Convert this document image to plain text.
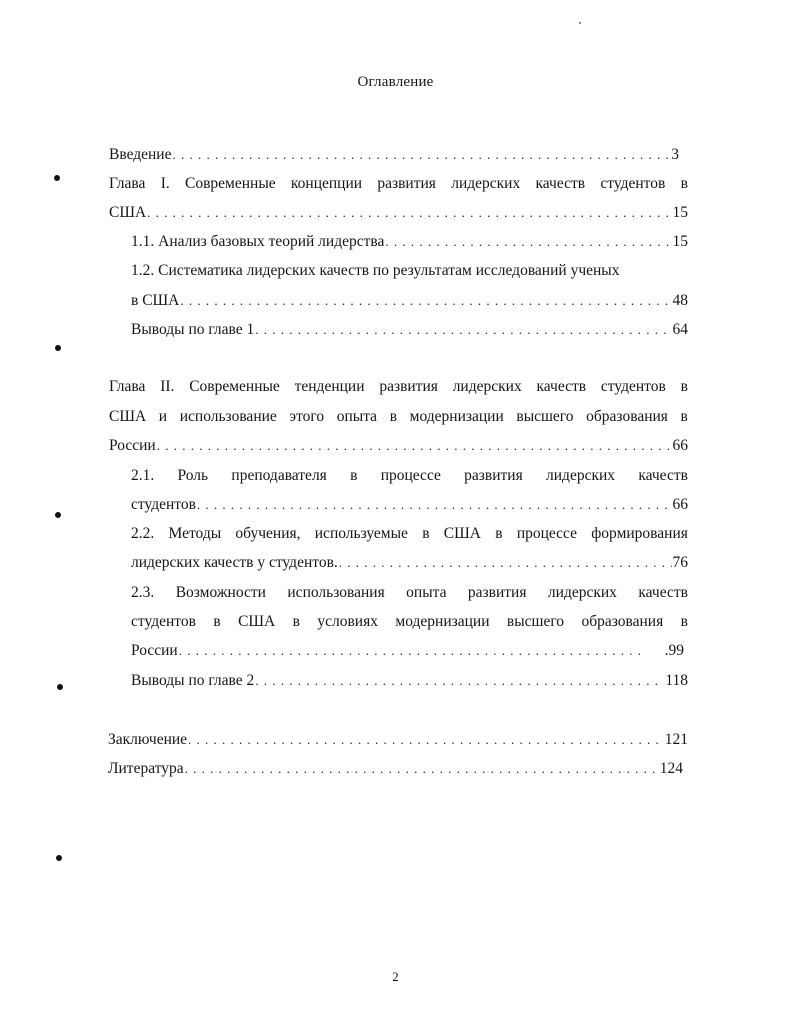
Оглавление
Введение . . .	3
Глава I. Современные концепции развития лидерских качеств студентов в
США . . .	15
1.1. Анализ базовых теорий лидерства . . .	15
1.2. Систематика лидерских качеств по результатам исследований ученых
в США . . .	48
Выводы по главе 1 . . .	64
Глава II. Современные тенденции развития лидерских качеств студентов в
США и использование этого опыта в модернизации высшего образования в
России . . .	66
2.1. Роль преподавателя в процессе развития лидерских качеств
студентов . . .	66
2.2. Методы обучения, используемые в США в процессе формирования
лидерских качеств у студентов. . . .	76
2.3. Возможности использования опыта развития лидерских качеств
студентов в США в условиях модернизации высшего образования в
России . . .	.99
Выводы по главе 2 . . .	118
Заключение . . .	121
Литература . . .	124
2
